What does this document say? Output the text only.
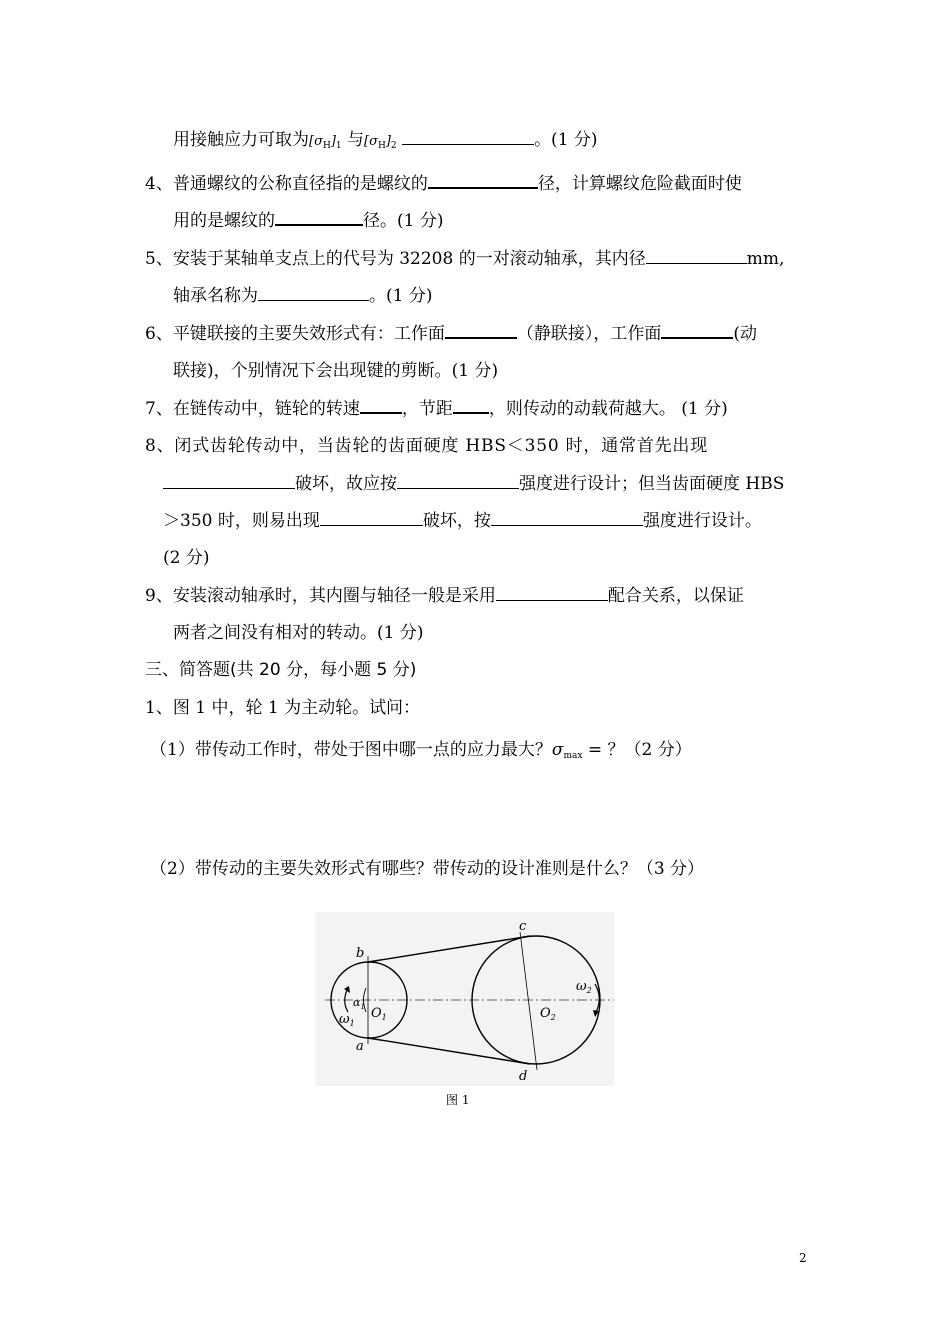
用接触应力可取为$[\sigma_H]_1$ 与$[\sigma_H]_2$	。(1 分)
4、普通螺纹的公称直径指的是螺纹的	径，计算螺纹危险截面时使
用的是螺纹的	径。(1 分)
5、安装于某轴单支点上的代号为 32208 的一对滚动轴承，其内径	mm,
轴承名称为	。(1 分)
6、平键联接的主要失效形式有：工作面	（静联接），工作面	(动
联接)，个别情况下会出现键的剪断。(1 分)
7、在链传动中，链轮的转速 ，节距 ，则传动的动载荷越大。 (1 分)
8、闭式齿轮传动中，当齿轮的齿面硬度 HBS＜350 时，通常首先出现
破坏，故应按	强度进行设计；但当齿面硬度 HBS
＞350 时，则易出现	破坏，按	强度进行设计。
(2 分)
9、安装滚动轴承时，其内圈与轴径一般是采用	配合关系，以保证
两者之间没有相对的转动。(1 分)
三、简答题(共 20 分，每小题 5 分)
1、图 1 中，轮 1 为主动轮。试问：
（1）带传动工作时，带处于图中哪一点的应力最大？$\sigma_{max}$ = ？（2 分）
（2）带传动的主要失效形式有哪些？带传动的设计准则是什么？（3 分）
b
a
c
d
$O_1$	$O_2$
$\omega_1$
$\omega_2$
$\alpha_1$
图 1
2
